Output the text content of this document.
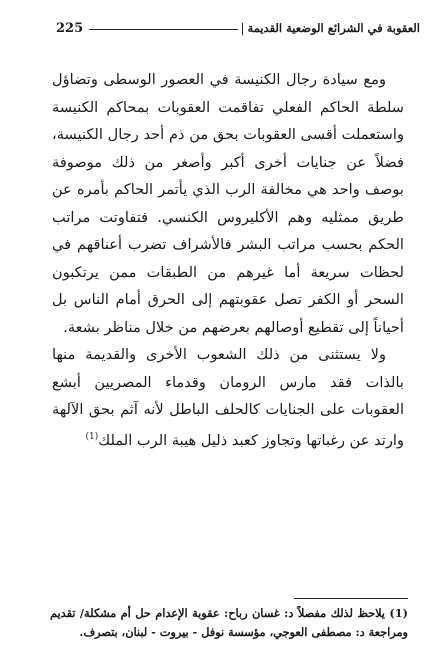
العقوبة في الشرائع الوضعية القديمة
|
225

ومع سيادة رجال الكنيسة في العصور الوسطى وتضاؤل سلطة الحاكم الفعلي تفاقمت العقوبات بمحاكم الكنيسة واستعملت أقسى العقوبات بحق من ذم أحد رجال الكنيسة، فضلاً عن جنايات أخرى أكبر وأصغر من ذلك موصوفة بوصف واحد هي مخالفة الرب الذي يأتمر الحاكم بأمره عن طريق ممثليه وهم الأكليروس الكنسي. فتفاوتت مراتب الحكم بحسب مراتب البشر فالأشراف تضرب أعناقهم في لحظات سريعة أما غيرهم من الطبقات ممن يرتكبون السحر أو الكفر تصل عقوبتهم إلى الحرق أمام الناس بل أحياناً إلى تقطيع أوصالهم بعرضهم من خلال مناظر بشعة.

ولا يستثنى من ذلك الشعوب الأخرى والقديمة منها بالذات فقد مارس الرومان وقدماء المصريين أبشع العقوبات على الجنايات كالحلف الباطل لأنه آثم بحق الآلهة وارتد عن رغباتها وتجاوز كعبد ذليل هيبة الرب الملك$^{(1)}$

(1) يلاحظ لذلك مفصلاً د: غسان رباح: عقوبة الإعدام حل أم مشكلة/ تقديم ومراجعة د: مصطفى العوجي، مؤسسة نوفل - بيروت - لبنان، بتصرف.
